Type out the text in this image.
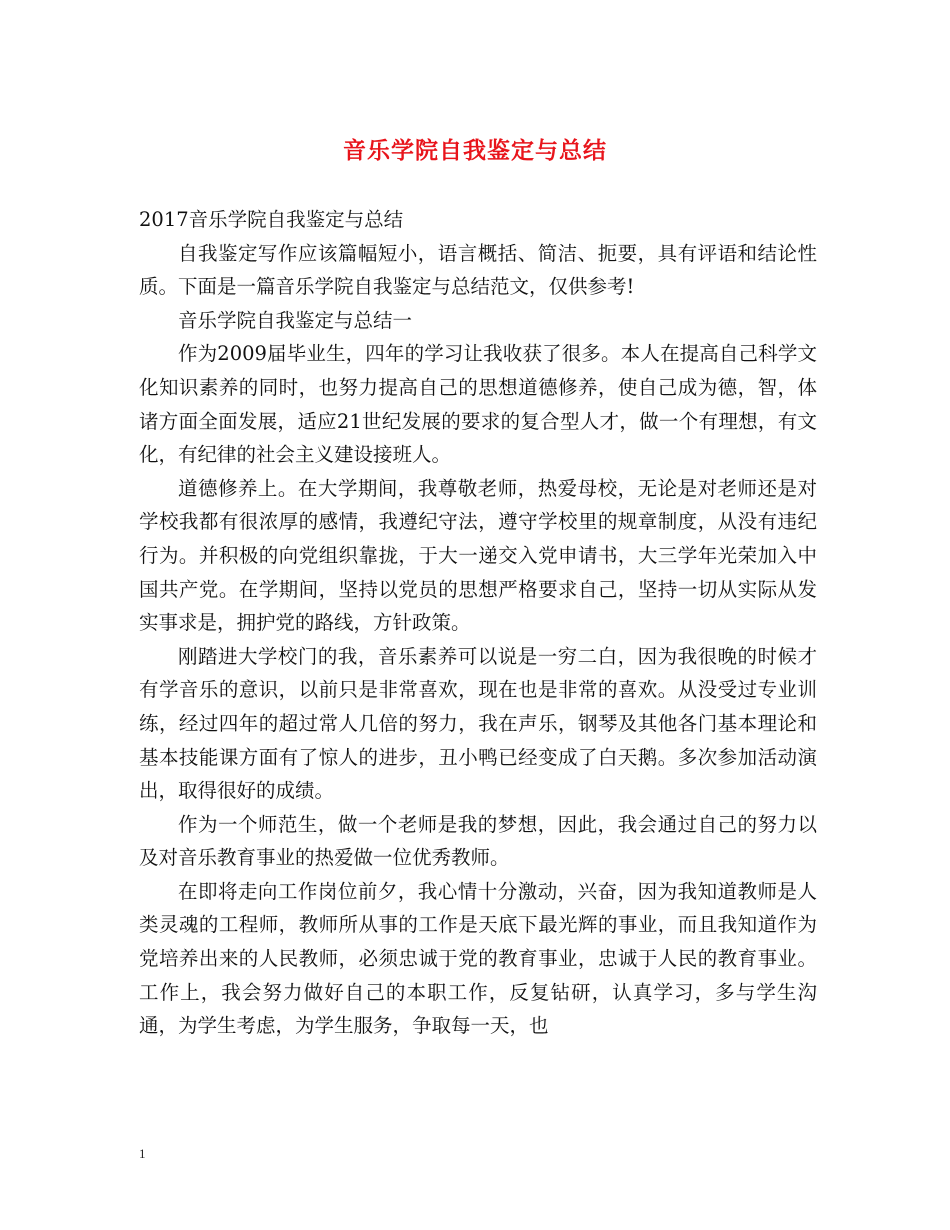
音乐学院自我鉴定与总结

2017音乐学院自我鉴定与总结

自我鉴定写作应该篇幅短小，语言概括、简洁、扼要，具有评语和结论性质。下面是一篇音乐学院自我鉴定与总结范文，仅供参考!

音乐学院自我鉴定与总结一

作为2009届毕业生，四年的学习让我收获了很多。本人在提高自己科学文化知识素养的同时，也努力提高自己的思想道德修养，使自己成为德，智，体诸方面全面发展，适应21世纪发展的要求的复合型人才，做一个有理想，有文化，有纪律的社会主义建设接班人。

道德修养上。在大学期间，我尊敬老师，热爱母校，无论是对老师还是对学校我都有很浓厚的感情，我遵纪守法，遵守学校里的规章制度，从没有违纪行为。并积极的向党组织靠拢，于大一递交入党申请书，大三学年光荣加入中国共产党。在学期间，坚持以党员的思想严格要求自己，坚持一切从实际从发实事求是，拥护党的路线，方针政策。

刚踏进大学校门的我，音乐素养可以说是一穷二白，因为我很晚的时候才有学音乐的意识，以前只是非常喜欢，现在也是非常的喜欢。从没受过专业训练，经过四年的超过常人几倍的努力，我在声乐，钢琴及其他各门基本理论和基本技能课方面有了惊人的进步，丑小鸭已经变成了白天鹅。多次参加活动演出，取得很好的成绩。

作为一个师范生，做一个老师是我的梦想，因此，我会通过自己的努力以及对音乐教育事业的热爱做一位优秀教师。

在即将走向工作岗位前夕，我心情十分激动，兴奋，因为我知道教师是人类灵魂的工程师，教师所从事的工作是天底下最光辉的事业，而且我知道作为党培养出来的人民教师，必须忠诚于党的教育事业，忠诚于人民的教育事业。工作上，我会努力做好自己的本职工作，反复钻研，认真学习，多与学生沟通，为学生考虑，为学生服务，争取每一天，也

1
